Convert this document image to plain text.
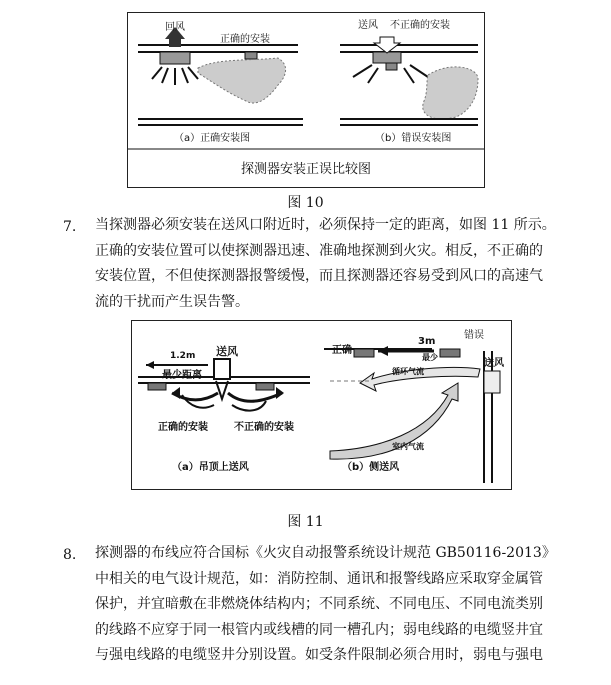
回风
正确的安装
送风 不正确的安装
（a）正确安装图	（b）错误安装图
探测器安装正误比较图
图 10
7. 当探测器必须安装在送风口附近时，必须保持一定的距离，如图 11 所示。
正确的安装位置可以使探测器迅速、准确地探测到火灾。相反，不正确的
安装位置，不但使探测器报警缓慢，而且探测器还容易受到风口的高速气
流的干扰而产生误告警。

1.2m
最少距离
送风
正确的安装	不正确的安装
（a）吊顶上送风
正确
3m
最少
错误
送风
循环气流
室内气流
（b）侧送风
图 11
8. 探测器的布线应符合国标《火灾自动报警系统设计规范 GB50116-2013》
中相关的电气设计规范，如：消防控制、通讯和报警线路应采取穿金属管
保护，并宜暗敷在非燃烧体结构内；不同系统、不同电压、不同电流类别
的线路不应穿于同一根管内或线槽的同一槽孔内；弱电线路的电缆竖井宜
与强电线路的电缆竖井分别设置。如受条件限制必须合用时，弱电与强电
